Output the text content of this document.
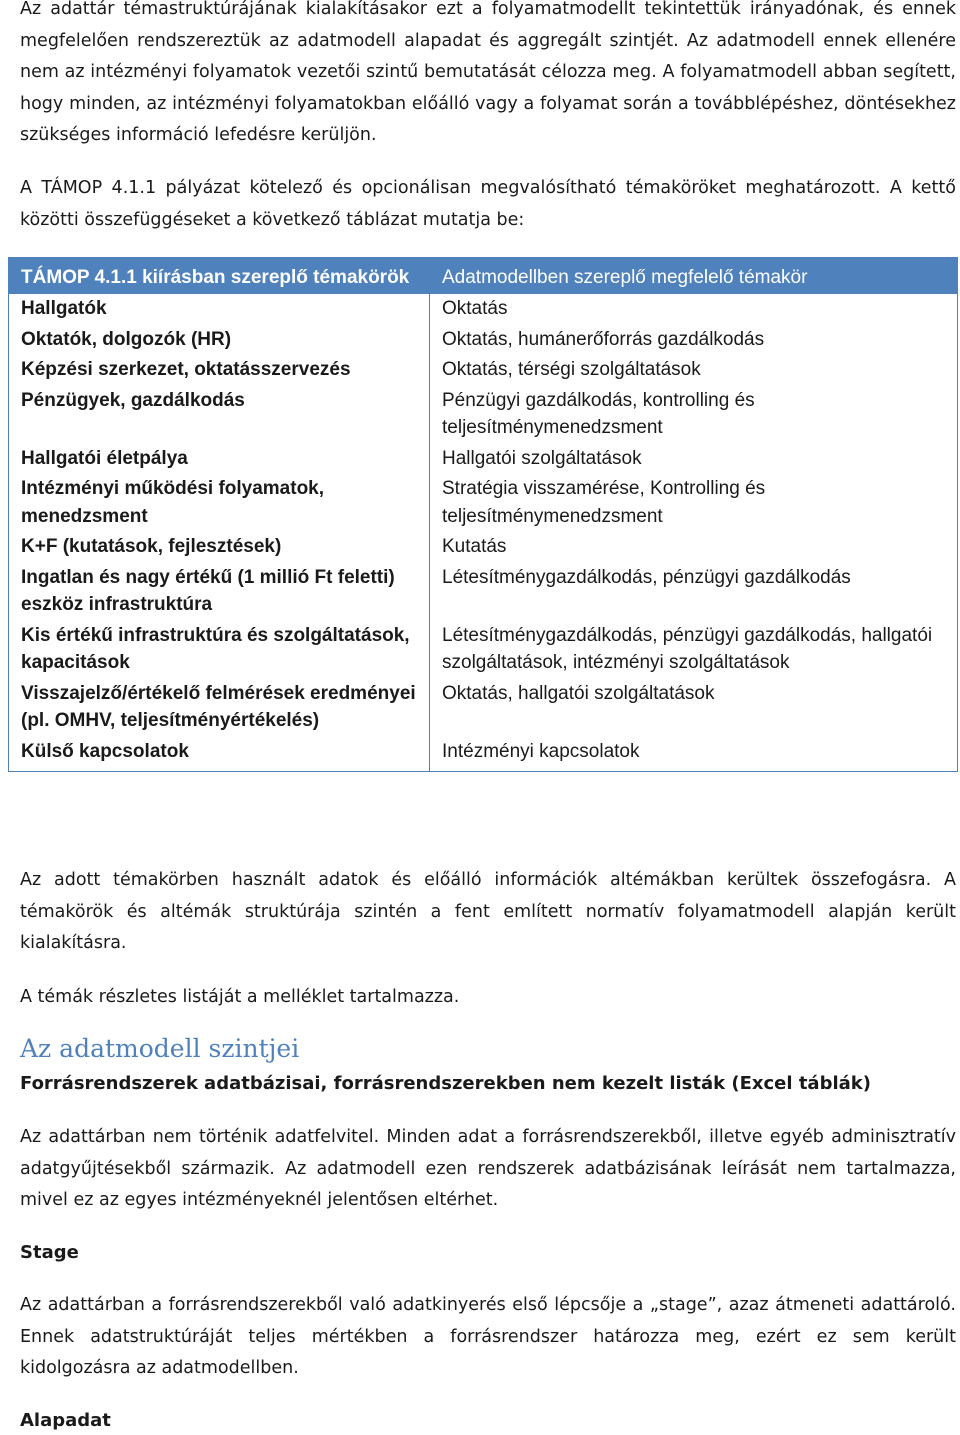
Az adattár témastruktúrájának kialakításakor ezt a folyamatmodellt tekintettük irányadónak, és ennek megfelelően rendszereztük az adatmodell alapadat és aggregált szintjét. Az adatmodell ennek ellenére nem az intézményi folyamatok vezetői szintű bemutatását célozza meg. A folyamatmodell abban segített, hogy minden, az intézményi folyamatokban előálló vagy a folyamat során a továbblépéshez, döntésekhez szükséges információ lefedésre kerüljön.

A TÁMOP 4.1.1 pályázat kötelező és opcionálisan megvalósítható témaköröket meghatározott. A kettő közötti összefüggéseket a következő táblázat mutatja be:

TÁMOP 4.1.1 kiírásban szereplő témakörök	Adatmodellben szereplő megfelelő témakör
Hallgatók	Oktatás
Oktatók, dolgozók (HR)	Oktatás, humánerőforrás gazdálkodás
Képzési szerkezet, oktatásszervezés	Oktatás, térségi szolgáltatások
Pénzügyek, gazdálkodás	Pénzügyi gazdálkodás, kontrolling és teljesítménymenedzsment
Hallgatói életpálya	Hallgatói szolgáltatások
Intézményi működési folyamatok, menedzsment	Stratégia visszamérése, Kontrolling és teljesítménymenedzsment
K+F (kutatások, fejlesztések)	Kutatás
Ingatlan és nagy értékű (1 millió Ft feletti) eszköz infrastruktúra	Létesítménygazdálkodás, pénzügyi gazdálkodás
Kis értékű infrastruktúra és szolgáltatások, kapacitások	Létesítménygazdálkodás, pénzügyi gazdálkodás, hallgatói szolgáltatások, intézményi szolgáltatások
Visszajelző/értékelő felmérések eredményei (pl. OMHV, teljesítményértékelés)	Oktatás, hallgatói szolgáltatások
Külső kapcsolatok	Intézményi kapcsolatok

Az adott témakörben használt adatok és előálló információk altémákban kerültek összefogásra. A témakörök és altémák struktúrája szintén a fent említett normatív folyamatmodell alapján került kialakításra.

A témák részletes listáját a melléklet tartalmazza.

Az adatmodell szintjei
Forrásrendszerek adatbázisai, forrásrendszerekben nem kezelt listák (Excel táblák)

Az adattárban nem történik adatfelvitel. Minden adat a forrásrendszerekből, illetve egyéb adminisztratív adatgyűjtésekből származik. Az adatmodell ezen rendszerek adatbázisának leírását nem tartalmazza, mivel ez az egyes intézményeknél jelentősen eltérhet.

Stage

Az adattárban a forrásrendszerekből való adatkinyerés első lépcsője a „stage”, azaz átmeneti adattároló. Ennek adatstruktúráját teljes mértékben a forrásrendszer határozza meg, ezért ez sem került kidolgozásra az adatmodellben.

Alapadat
